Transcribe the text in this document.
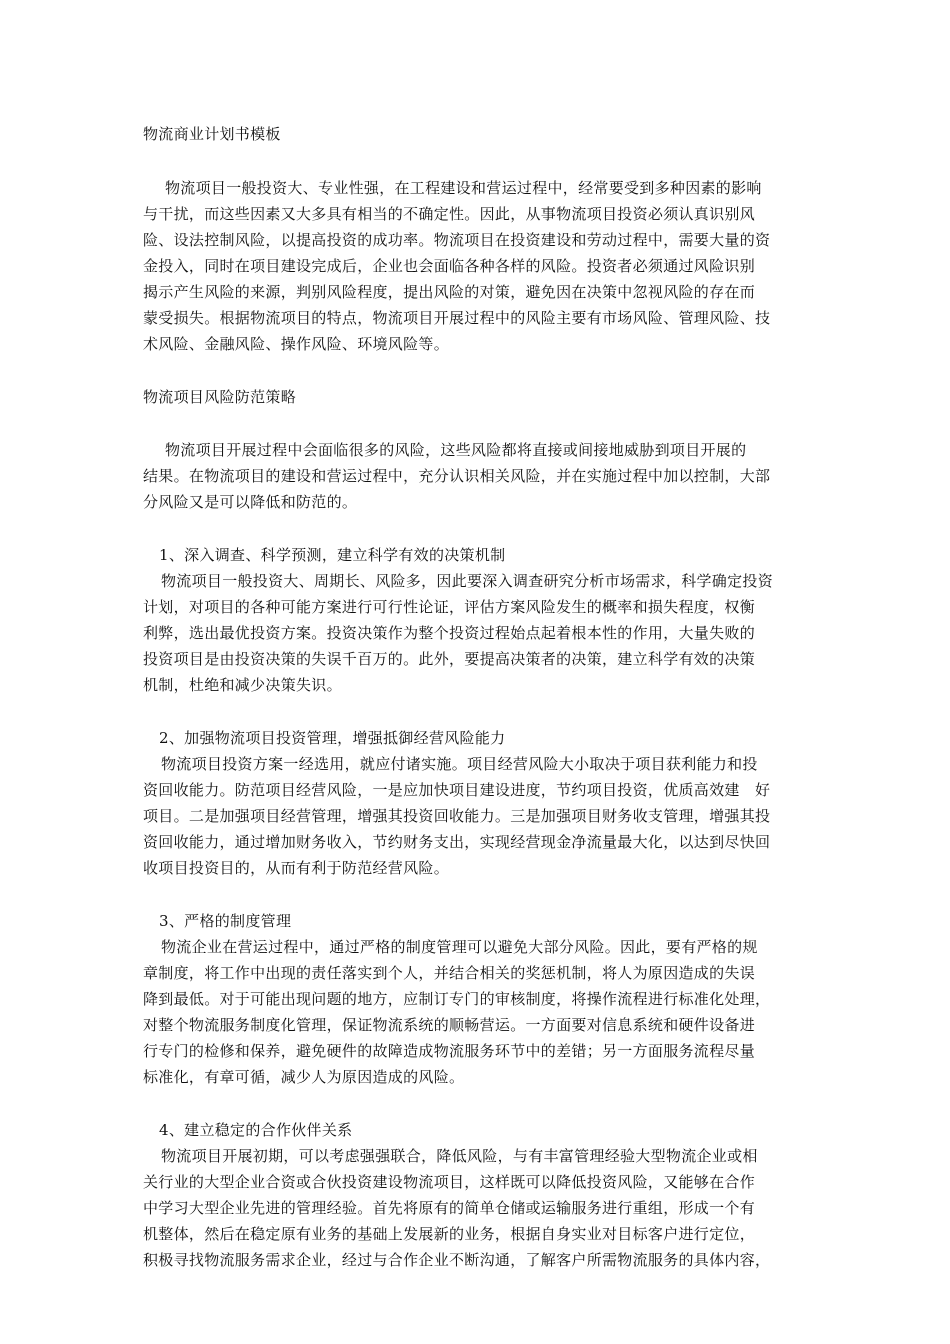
物流商业计划书模板
物流项目一般投资大、专业性强，在工程建设和营运过程中，经常要受到多种因素的影响
与干扰，而这些因素又大多具有相当的不确定性。因此，从事物流项目投资必须认真识别风
险、设法控制风险，以提高投资的成功率。物流项目在投资建设和劳动过程中，需要大量的资
金投入，同时在项目建设完成后，企业也会面临各种各样的风险。投资者必须通过风险识别
揭示产生风险的来源，判别风险程度，提出风险的对策，避免因在决策中忽视风险的存在而
蒙受损失。根据物流项目的特点，物流项目开展过程中的风险主要有市场风险、管理风险、技
术风险、金融风险、操作风险、环境风险等。
物流项目风险防范策略
物流项目开展过程中会面临很多的风险，这些风险都将直接或间接地威胁到项目开展的
结果。在物流项目的建设和营运过程中，充分认识相关风险，并在实施过程中加以控制，大部
分风险又是可以降低和防范的。
1、深入调查、科学预测，建立科学有效的决策机制
物流项目一般投资大、周期长、风险多，因此要深入调查研究分析市场需求，科学确定投资
计划，对项目的各种可能方案进行可行性论证，评估方案风险发生的概率和损失程度，权衡
利弊，选出最优投资方案。投资决策作为整个投资过程始点起着根本性的作用，大量失败的
投资项目是由投资决策的失误千百万的。此外，要提高决策者的决策，建立科学有效的决策
机制，杜绝和减少决策失识。
2、加强物流项目投资管理，增强抵御经营风险能力
物流项目投资方案一经选用，就应付诸实施。项目经营风险大小取决于项目获利能力和投
资回收能力。防范项目经营风险，一是应加快项目建设进度，节约项目投资，优质高效建　好
项目。二是加强项目经营管理，增强其投资回收能力。三是加强项目财务收支管理，增强其投
资回收能力，通过增加财务收入，节约财务支出，实现经营现金净流量最大化，以达到尽快回
收项目投资目的，从而有利于防范经营风险。
3、严格的制度管理
物流企业在营运过程中，通过严格的制度管理可以避免大部分风险。因此，要有严格的规
章制度，将工作中出现的责任落实到个人，并结合相关的奖惩机制，将人为原因造成的失误
降到最低。对于可能出现问题的地方，应制订专门的审核制度，将操作流程进行标准化处理，
对整个物流服务制度化管理，保证物流系统的顺畅营运。一方面要对信息系统和硬件设备进
行专门的检修和保养，避免硬件的故障造成物流服务环节中的差错；另一方面服务流程尽量
标准化，有章可循，减少人为原因造成的风险。
4、建立稳定的合作伙伴关系
物流项目开展初期，可以考虑强强联合，降低风险，与有丰富管理经验大型物流企业或相
关行业的大型企业合资或合伙投资建设物流项目，这样既可以降低投资风险，又能够在合作
中学习大型企业先进的管理经验。首先将原有的简单仓储或运输服务进行重组，形成一个有
机整体，然后在稳定原有业务的基础上发展新的业务，根据自身实业对目标客户进行定位，
积极寻找物流服务需求企业，经过与合作企业不断沟通，了解客户所需物流服务的具体内容，
